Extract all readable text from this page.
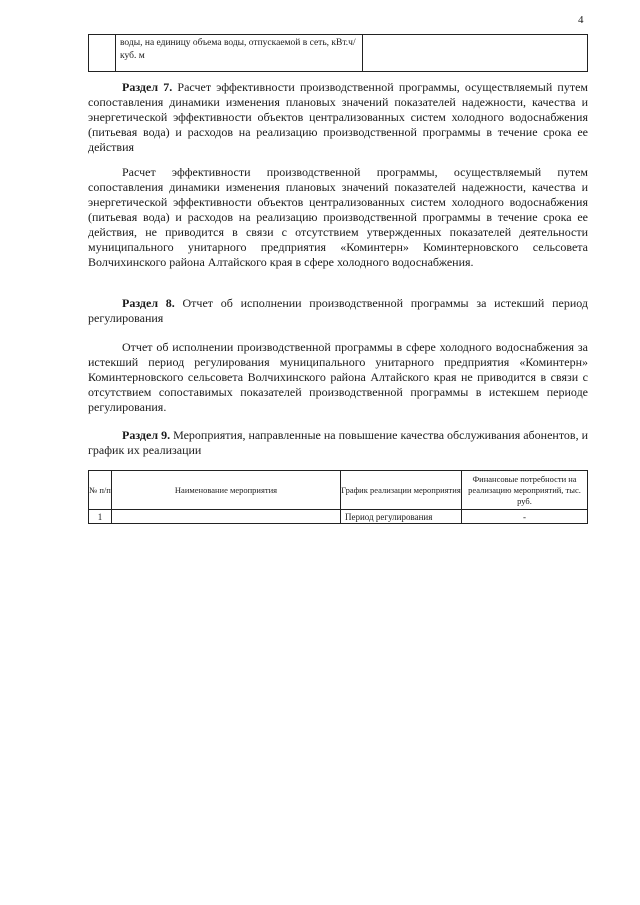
4
	воды, на единицу объема воды, отпускаемой в сеть, кВт.ч/куб. м	

Раздел 7. Расчет эффективности производственной программы, осуществляемый путем сопоставления динамики изменения плановых значений показателей надежности, качества и энергетической эффективности объектов централизованных систем холодного водоснабжения (питьевая вода) и расходов на реализацию производственной программы в течение срока ее действия

Расчет эффективности производственной программы, осуществляемый путем сопоставления динамики изменения плановых значений показателей надежности, качества и энергетической эффективности объектов централизованных систем холодного водоснабжения (питьевая вода) и расходов на реализацию производственной программы в течение срока ее действия, не приводится в связи с отсутствием утвержденных показателей деятельности муниципального унитарного предприятия «Коминтерн» Коминтерновского сельсовета Волчихинского района Алтайского края в сфере холодного водоснабжения.

Раздел 8. Отчет об исполнении производственной программы за истекший период регулирования

Отчет об исполнении производственной программы в сфере холодного водоснабжения за истекший период регулирования муниципального унитарного предприятия «Коминтерн» Коминтерновского сельсовета Волчихинского района Алтайского края не приводится в связи с отсутствием сопоставимых показателей производственной программы в истекшем периоде регулирования.

Раздел 9. Мероприятия, направленные на повышение качества обслуживания абонентов, и график их реализации

№ п/п	Наименование мероприятия	График реализации мероприятия	Финансовые потребности на реализацию мероприятий, тыс. руб.
1		Период регулирования	-
